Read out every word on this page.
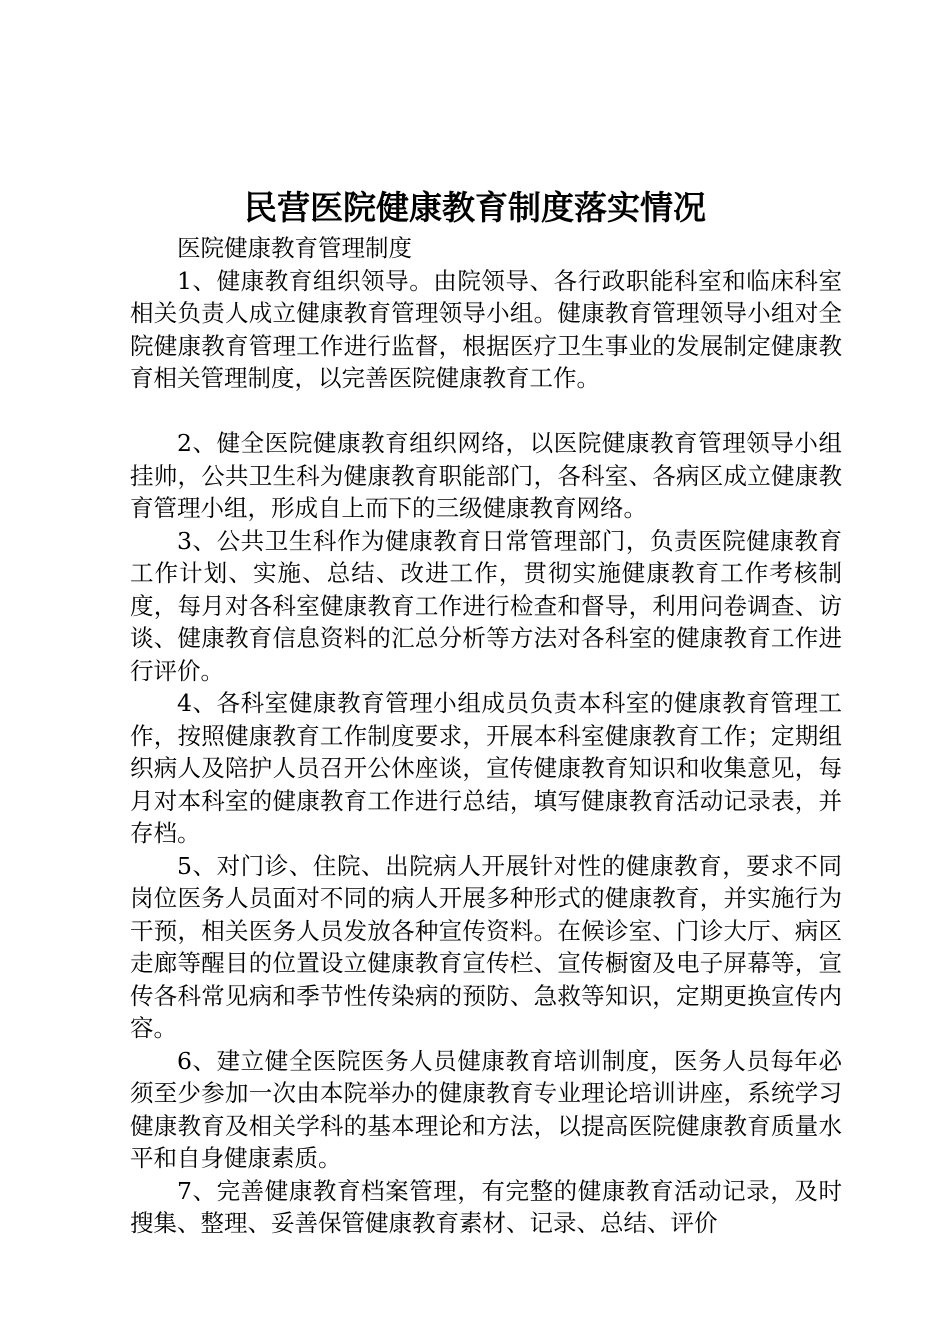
民营医院健康教育制度落实情况

医院健康教育管理制度

1、健康教育组织领导。由院领导、各行政职能科室和临床科室相关负责人成立健康教育管理领导小组。健康教育管理领导小组对全院健康教育管理工作进行监督，根据医疗卫生事业的发展制定健康教育相关管理制度，以完善医院健康教育工作。

2、健全医院健康教育组织网络，以医院健康教育管理领导小组挂帅，公共卫生科为健康教育职能部门，各科室、各病区成立健康教育管理小组，形成自上而下的三级健康教育网络。

3、公共卫生科作为健康教育日常管理部门，负责医院健康教育工作计划、实施、总结、改进工作，贯彻实施健康教育工作考核制度，每月对各科室健康教育工作进行检查和督导，利用问卷调查、访谈、健康教育信息资料的汇总分析等方法对各科室的健康教育工作进行评价。

4、各科室健康教育管理小组成员负责本科室的健康教育管理工作，按照健康教育工作制度要求，开展本科室健康教育工作；定期组织病人及陪护人员召开公休座谈，宣传健康教育知识和收集意见，每月对本科室的健康教育工作进行总结，填写健康教育活动记录表，并存档。

5、对门诊、住院、出院病人开展针对性的健康教育，要求不同岗位医务人员面对不同的病人开展多种形式的健康教育，并实施行为干预，相关医务人员发放各种宣传资料。在候诊室、门诊大厅、病区走廊等醒目的位置设立健康教育宣传栏、宣传橱窗及电子屏幕等，宣传各科常见病和季节性传染病的预防、急救等知识，定期更换宣传内容。

6、建立健全医院医务人员健康教育培训制度，医务人员每年必须至少参加一次由本院举办的健康教育专业理论培训讲座，系统学习健康教育及相关学科的基本理论和方法，以提高医院健康教育质量水平和自身健康素质。

7、完善健康教育档案管理，有完整的健康教育活动记录，及时搜集、整理、妥善保管健康教育素材、记录、总结、评价
